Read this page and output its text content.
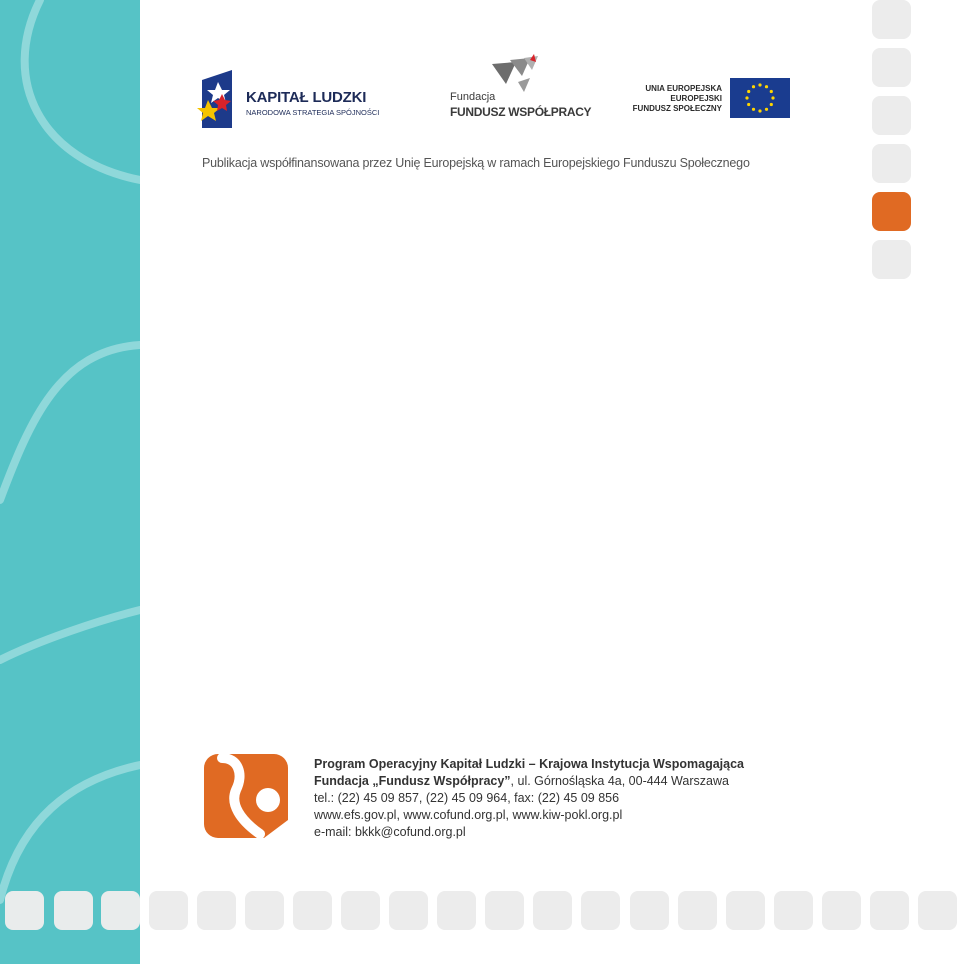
KAPITAŁ LUDZKI
NARODOWA STRATEGIA SPÓJNOŚCI
Fundacja
FUNDUSZ WSPÓŁPRACY
UNIA EUROPEJSKA
EUROPEJSKI
FUNDUSZ SPOŁECZNY
Publikacja współfinansowana przez Unię Europejską w ramach Europejskiego Funduszu Społecznego
Program Operacyjny Kapitał Ludzki – Krajowa Instytucja Wspomagająca
Fundacja „Fundusz Współpracy”, ul. Górnośląska 4a, 00-444 Warszawa
tel.: (22) 45 09 857, (22) 45 09 964, fax: (22) 45 09 856
www.efs.gov.pl, www.cofund.org.pl, www.kiw-pokl.org.pl
e-mail: bkkk@cofund.org.pl
